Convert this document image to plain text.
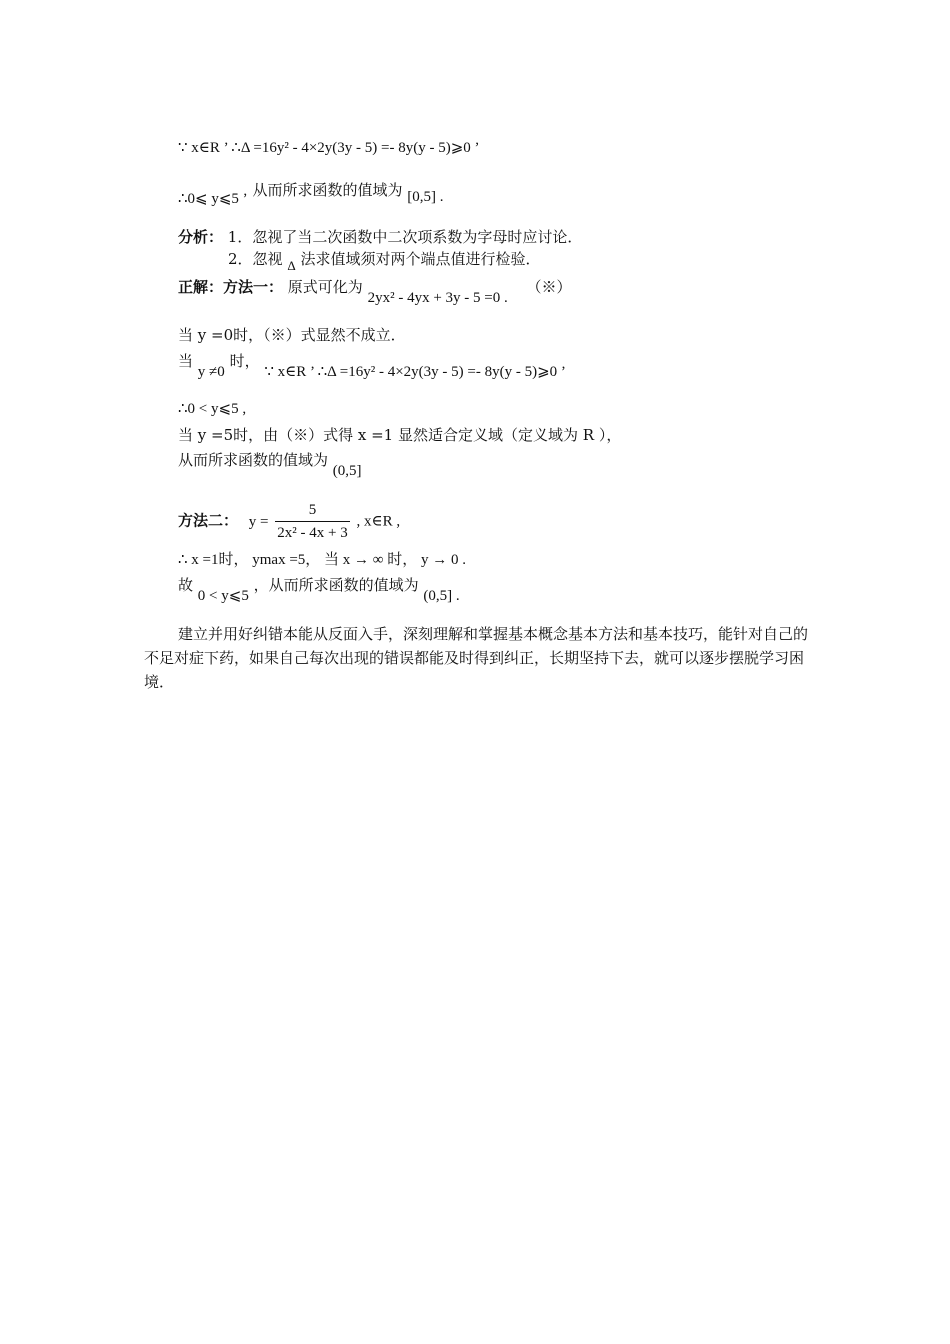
∵ x∈R ’ ∴Δ =16y² - 4×2y(3y - 5) =- 8y(y - 5)⩾0 ’
∴0⩽ y⩽5 ’ 从而所求函数的值域为 [0,5] .
分析： 1．忽视了当二次函数中二次项系数为字母时应讨论．
2．忽视 Δ 法求值域须对两个端点值进行检验．
正解：方法一： 原式可化为 2yx² - 4yx + 3y - 5 =0 . （※）
当 y =0时，（※）式显然不成立．
当 y ≠0 时， ∵ x∈R ’ ∴Δ =16y² - 4×2y(3y - 5) =- 8y(y - 5)⩾0 ’
∴0 < y⩽5 ,
当 y =5时，由（※）式得 x =1 显然适合定义域（定义域为 R ），
从而所求函数的值域为 (0,5]
方法二： $y = \frac{5}{\text{2x² - 4x + 3}}$ , x∈R ,
∴ x =1时， ymax =5， 当 x → ∞ 时， y → 0 .
故 0 < y⩽5 ，从而所求函数的值域为 (0,5] .
建立并用好纠错本能从反面入手，深刻理解和掌握基本概念基本方法和基本技巧，能针对自己的不足对症下药，如果自己每次出现的错误都能及时得到纠正，长期坚持下去，就可以逐步摆脱学习困境．
